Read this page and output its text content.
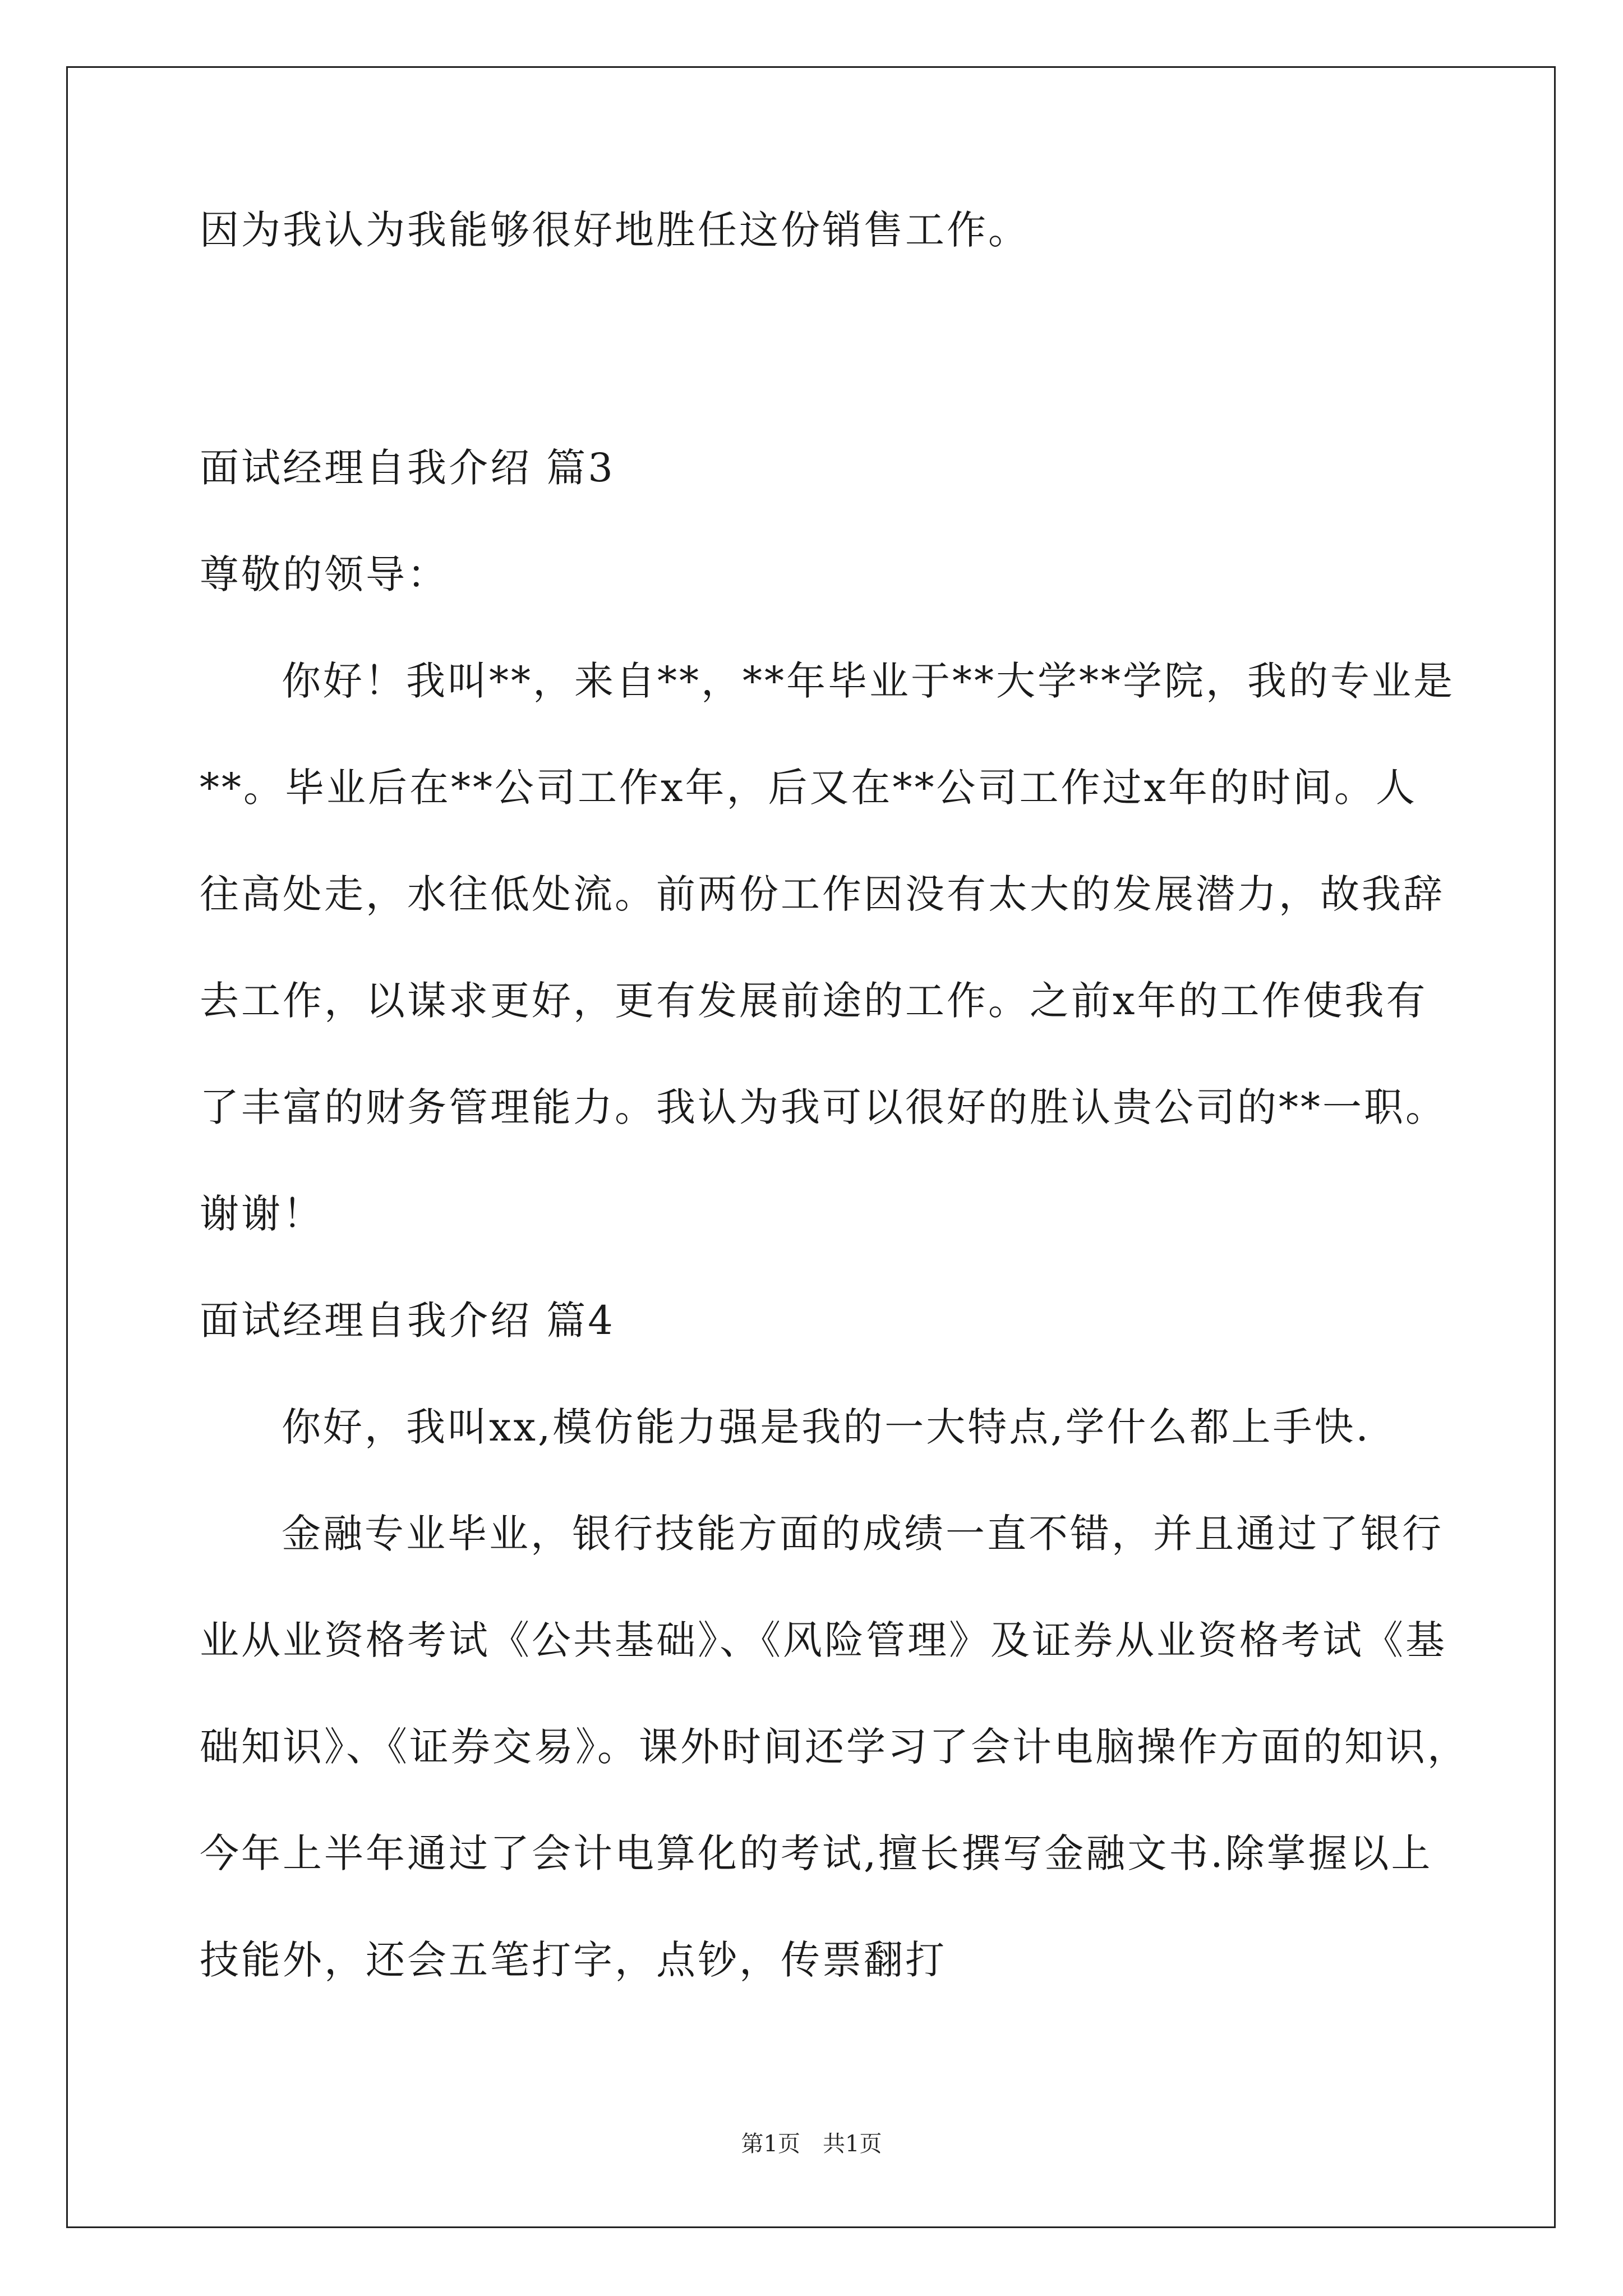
因为我认为我能够很好地胜任这份销售工作。
面试经理自我介绍 篇3
尊敬的领导：
你好！我叫**，来自**，**年毕业于**大学**学院，我的专业是
**。毕业后在**公司工作x年，后又在**公司工作过x年的时间。人
往高处走，水往低处流。前两份工作因没有太大的发展潜力，故我辞
去工作，以谋求更好，更有发展前途的工作。之前x年的工作使我有
了丰富的财务管理能力。我认为我可以很好的胜认贵公司的**一职。
谢谢！
面试经理自我介绍 篇4
你好，我叫xx,模仿能力强是我的一大特点,学什么都上手快.
金融专业毕业，银行技能方面的成绩一直不错，并且通过了银行
业从业资格考试《公共基础》、《风险管理》及证券从业资格考试《基
础知识》、《证券交易》。课外时间还学习了会计电脑操作方面的知识，
今年上半年通过了会计电算化的考试,擅长撰写金融文书.除掌握以上
技能外，还会五笔打字，点钞，传票翻打
第1页　共1页
